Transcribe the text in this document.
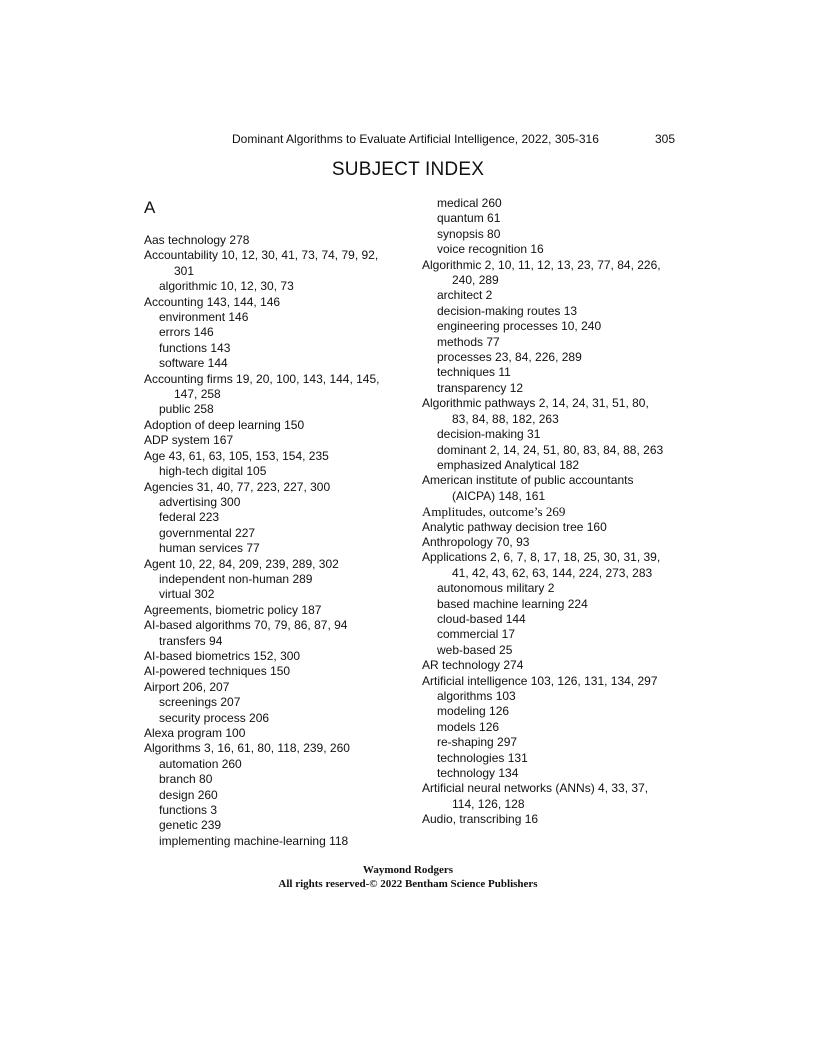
Dominant Algorithms to Evaluate Artificial Intelligence, 2022, 305-316	305
SUBJECT INDEX
A
Aas technology 278
Accountability 10, 12, 30, 41, 73, 74, 79, 92,
301
algorithmic 10, 12, 30, 73
Accounting 143, 144, 146
environment 146
errors 146
functions 143
software 144
Accounting firms 19, 20, 100, 143, 144, 145,
147, 258
public 258
Adoption of deep learning 150
ADP system 167
Age 43, 61, 63, 105, 153, 154, 235
high-tech digital 105
Agencies 31, 40, 77, 223, 227, 300
advertising 300
federal 223
governmental 227
human services 77
Agent 10, 22, 84, 209, 239, 289, 302
independent non-human 289
virtual 302
Agreements, biometric policy 187
AI-based algorithms 70, 79, 86, 87, 94
transfers 94
AI-based biometrics 152, 300
AI-powered techniques 150
Airport 206, 207
screenings 207
security process 206
Alexa program 100
Algorithms 3, 16, 61, 80, 118, 239, 260
automation 260
branch 80
design 260
functions 3
genetic 239
implementing machine-learning 118
medical 260
quantum 61
synopsis 80
voice recognition 16
Algorithmic 2, 10, 11, 12, 13, 23, 77, 84, 226,
240, 289
architect 2
decision-making routes 13
engineering processes 10, 240
methods 77
processes 23, 84, 226, 289
techniques 11
transparency 12
Algorithmic pathways 2, 14, 24, 31, 51, 80,
83, 84, 88, 182, 263
decision-making 31
dominant 2, 14, 24, 51, 80, 83, 84, 88, 263
emphasized Analytical 182
American institute of public accountants
(AICPA) 148, 161
Amplitudes, outcome’s 269
Analytic pathway decision tree 160
Anthropology 70, 93
Applications 2, 6, 7, 8, 17, 18, 25, 30, 31, 39,
41, 42, 43, 62, 63, 144, 224, 273, 283
autonomous military 2
based machine learning 224
cloud-based 144
commercial 17
web-based 25
AR technology 274
Artificial intelligence 103, 126, 131, 134, 297
algorithms 103
modeling 126
models 126
re-shaping 297
technologies 131
technology 134
Artificial neural networks (ANNs) 4, 33, 37,
114, 126, 128
Audio, transcribing 16
Waymond Rodgers
All rights reserved-© 2022 Bentham Science Publishers
